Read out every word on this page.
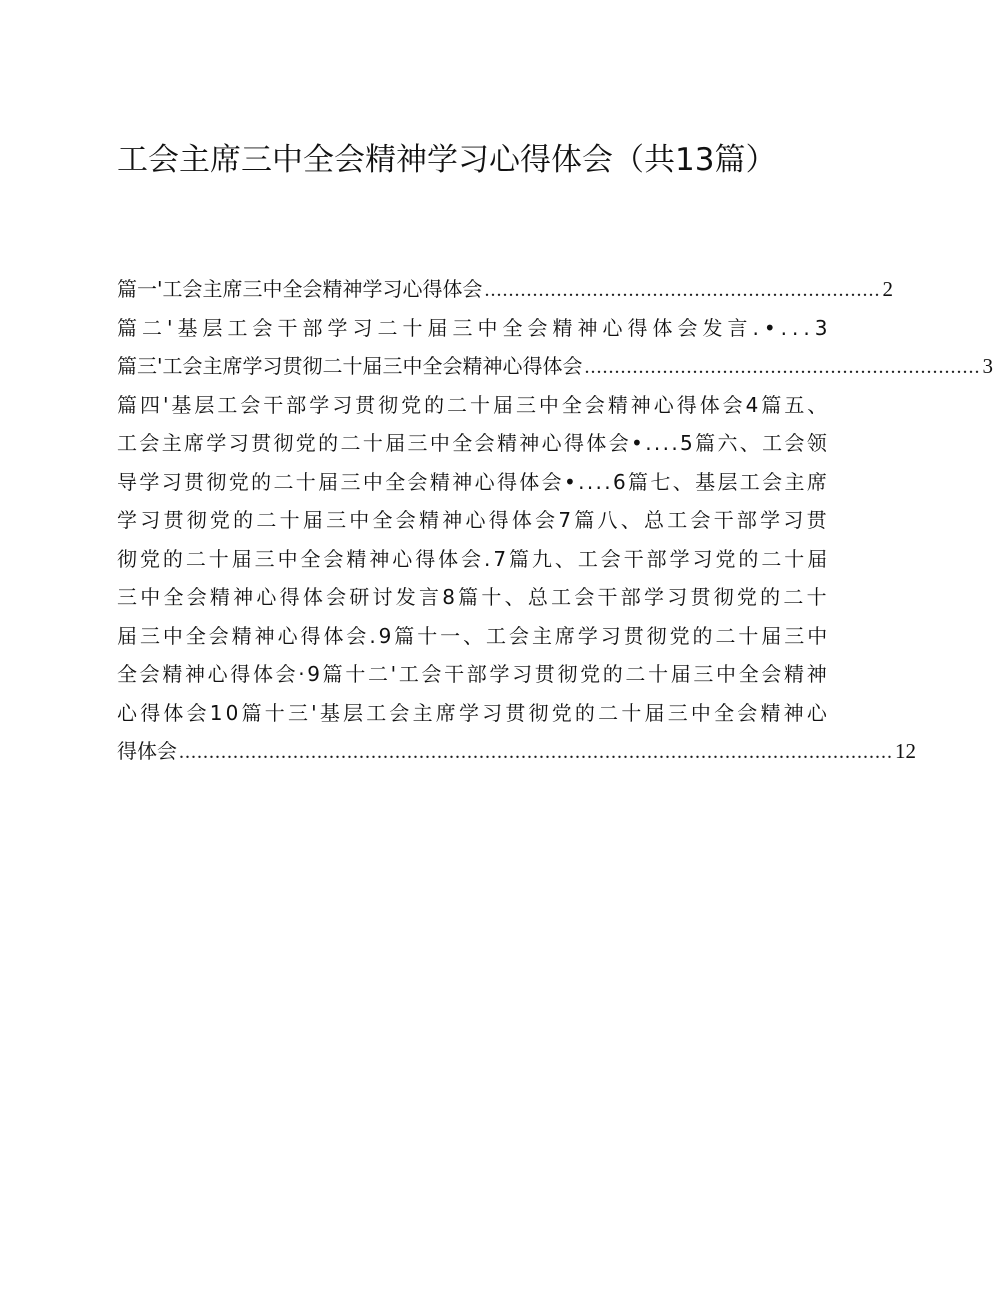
工会主席三中全会精神学习心得体会（共13篇）
篇一'工会主席三中全会精神学习心得体会 .................................................................. 2
篇二'基层工会干部学习二十届三中全会精神心得体会发言.•...3
篇三'工会主席学习贯彻二十届三中全会精神心得体会 .................................................................. 3
篇四'基层工会干部学习贯彻党的二十届三中全会精神心得体会4篇五、
工会主席学习贯彻党的二十届三中全会精神心得体会•....5篇六、工会领
导学习贯彻党的二十届三中全会精神心得体会•....6篇七、基层工会主席
学习贯彻党的二十届三中全会精神心得体会7篇八、总工会干部学习贯
彻党的二十届三中全会精神心得体会.7篇九、工会干部学习党的二十届
三中全会精神心得体会研讨发言8篇十、总工会干部学习贯彻党的二十
届三中全会精神心得体会.9篇十一、工会主席学习贯彻党的二十届三中
全会精神心得体会·9篇十二'工会干部学习贯彻党的二十届三中全会精神
心得体会10篇十三'基层工会主席学习贯彻党的二十届三中全会精神心
得体会 ....................................................................................................................... 12
